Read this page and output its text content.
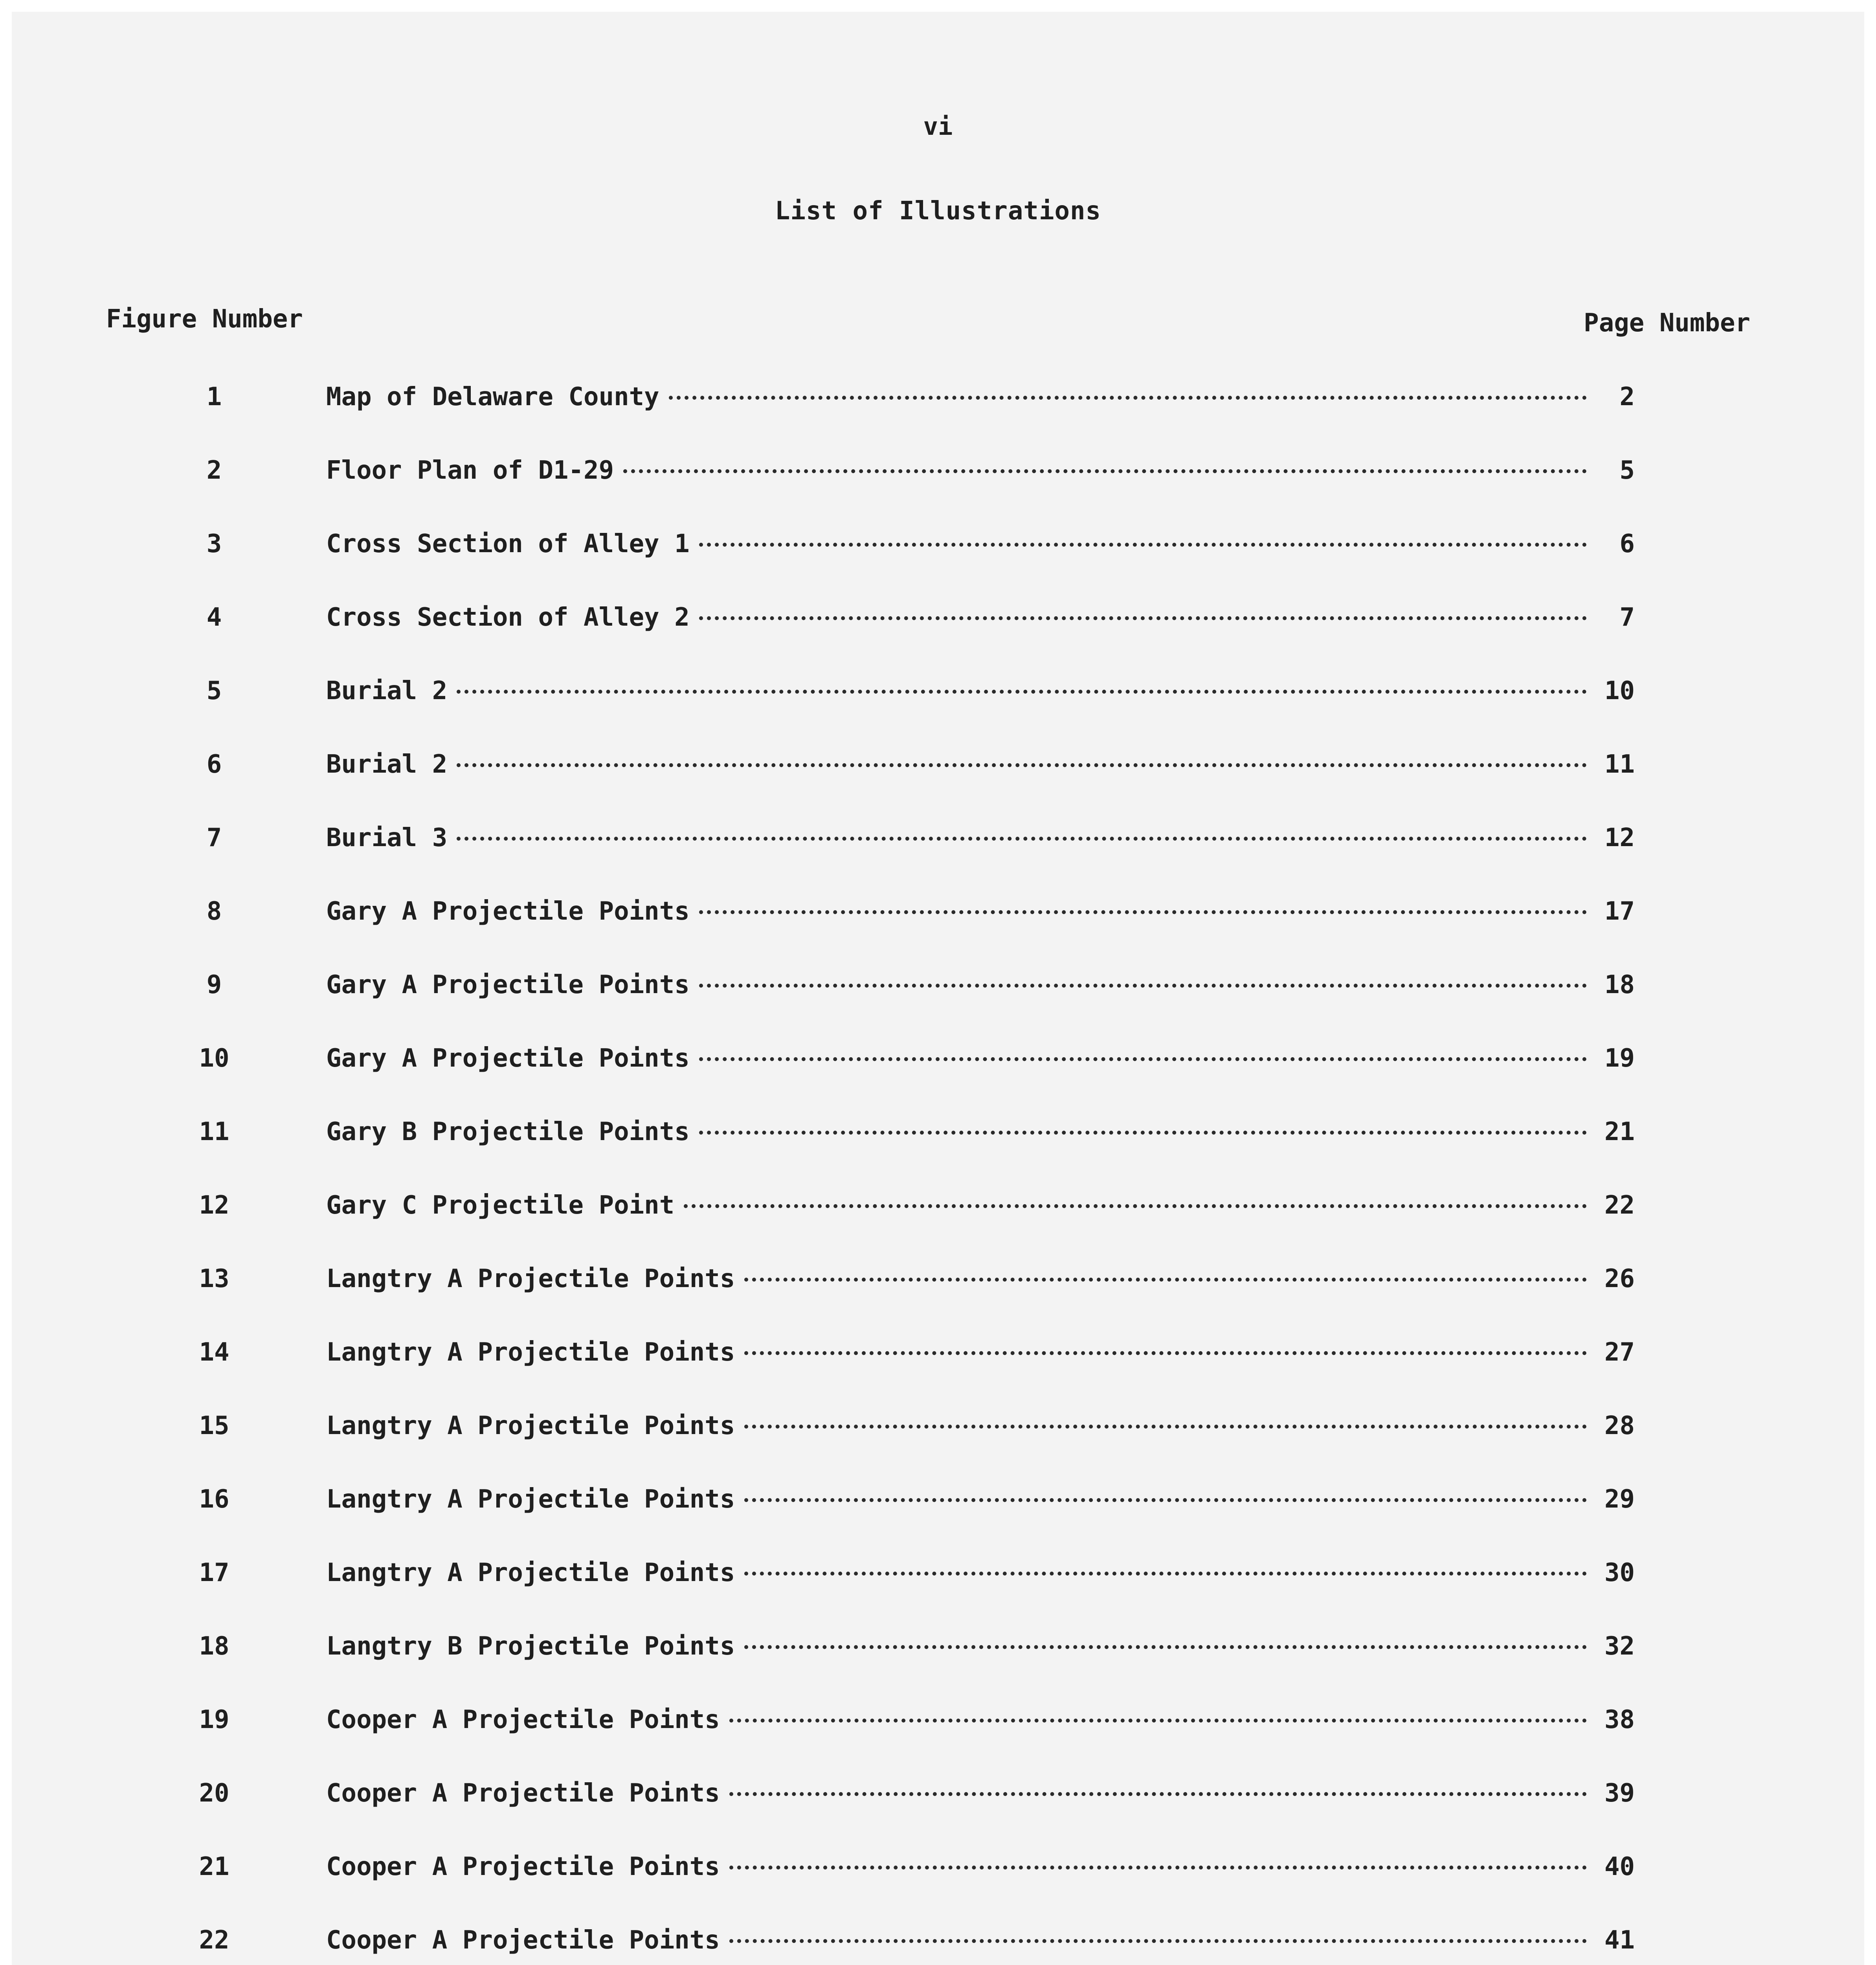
vi
List of Illustrations
Figure Number	Page Number
1	Map of Delaware County	2
2	Floor Plan of D1-29	5
3	Cross Section of Alley 1	6
4	Cross Section of Alley 2	7
5	Burial 2	10
6	Burial 2	11
7	Burial 3	12
8	Gary A Projectile Points	17
9	Gary A Projectile Points	18
10	Gary A Projectile Points	19
11	Gary B Projectile Points	21
12	Gary C Projectile Point	22
13	Langtry A Projectile Points	26
14	Langtry A Projectile Points	27
15	Langtry A Projectile Points	28
16	Langtry A Projectile Points	29
17	Langtry A Projectile Points	30
18	Langtry B Projectile Points	32
19	Cooper A Projectile Points	38
20	Cooper A Projectile Points	39
21	Cooper A Projectile Points	40
22	Cooper A Projectile Points	41
